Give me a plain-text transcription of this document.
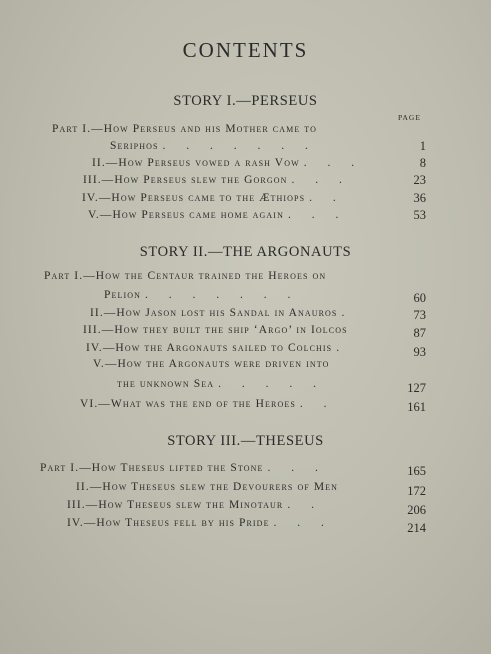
CONTENTS
STORY I.—PERSEUS
PAGE
Part I.—How Perseus and his Mother came to
Seriphos . . . . . . .	1
II.—How Perseus vowed a rash Vow . . .	8
III.—How Perseus slew the Gorgon . . .	23
IV.—How Perseus came to the Æthiops . .	36
V.—How Perseus came home again . . .	53
STORY II.—THE ARGONAUTS
Part I.—How the Centaur trained the Heroes on
Pelion . . . . . . .	60
II.—How Jason lost his Sandal in Anauros .	73
III.—How they built the ship ‘Argo’ in Iolcos	87
IV.—How the Argonauts sailed to Colchis .	93
V.—How the Argonauts were driven into
the unknown Sea . . . . .	127
VI.—What was the end of the Heroes . .	161
STORY III.—THESEUS
Part I.—How Theseus lifted the Stone . . .	165
II.—How Theseus slew the Devourers of Men	172
III.—How Theseus slew the Minotaur . .	206
IV.—How Theseus fell by his Pride . . .	214
